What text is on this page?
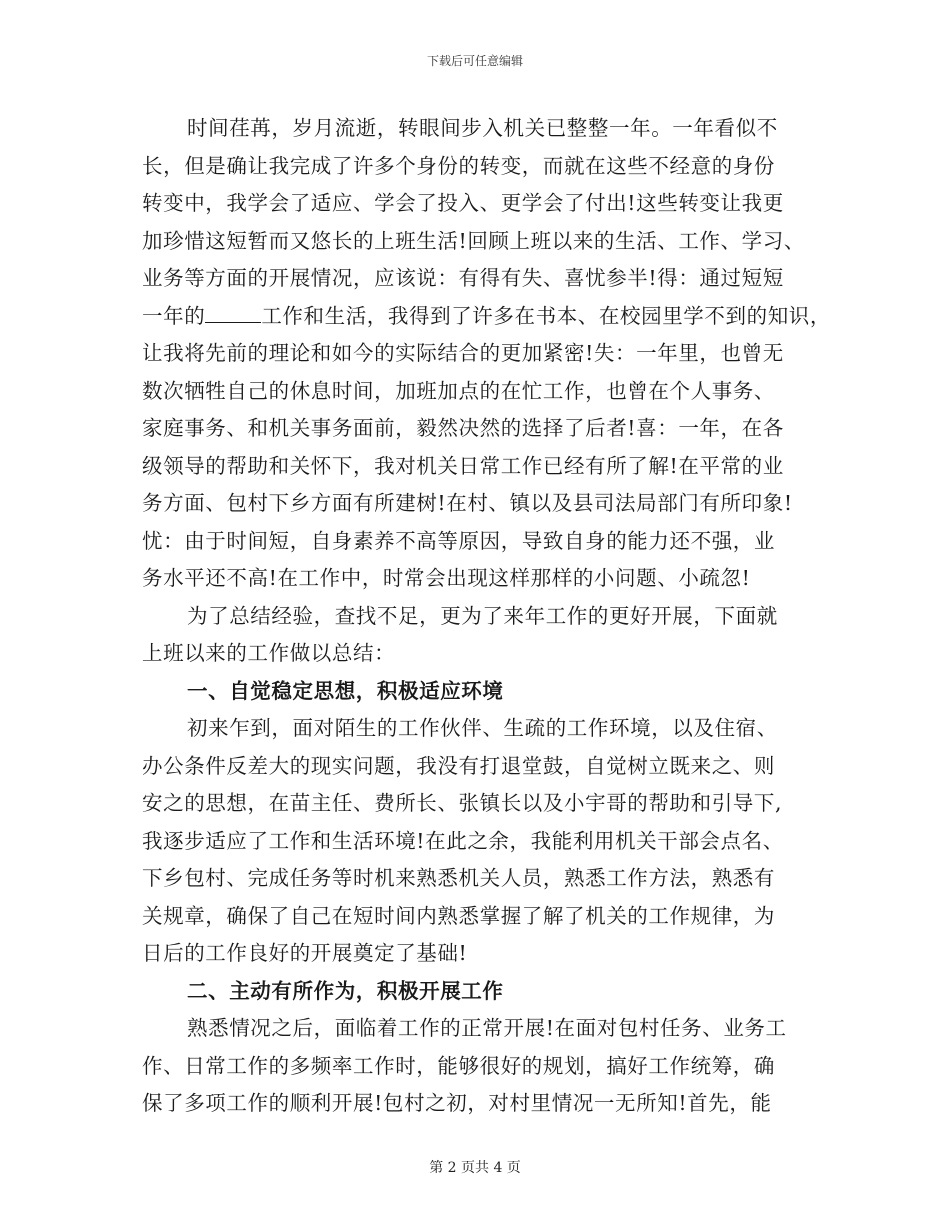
下载后可任意编辑
时间荏苒，岁月流逝，转眼间步入机关已整整一年。一年看似不
长，但是确让我完成了许多个身份的转变，而就在这些不经意的身份
转变中，我学会了适应、学会了投入、更学会了付出!这些转变让我更
加珍惜这短暂而又悠长的上班生活!回顾上班以来的生活、工作、学习、
业务等方面的开展情况，应该说：有得有失、喜忧参半!得：通过短短
一年的	工作和生活，我得到了许多在书本、在校园里学不到的知识，
让我将先前的理论和如今的实际结合的更加紧密!失：一年里，也曾无
数次牺牲自己的休息时间，加班加点的在忙工作，也曾在个人事务、
家庭事务、和机关事务面前，毅然决然的选择了后者!喜：一年，在各
级领导的帮助和关怀下，我对机关日常工作已经有所了解!在平常的业
务方面、包村下乡方面有所建树!在村、镇以及县司法局部门有所印象!
忧：由于时间短，自身素养不高等原因，导致自身的能力还不强，业
务水平还不高!在工作中，时常会出现这样那样的小问题、小疏忽!
为了总结经验，查找不足，更为了来年工作的更好开展，下面就
上班以来的工作做以总结：
一、自觉稳定思想，积极适应环境
初来乍到，面对陌生的工作伙伴、生疏的工作环境，以及住宿、
办公条件反差大的现实问题，我没有打退堂鼓，自觉树立既来之、则
安之的思想，在苗主任、费所长、张镇长以及小宇哥的帮助和引导下,
我逐步适应了工作和生活环境!在此之余，我能利用机关干部会点名、
下乡包村、完成任务等时机来熟悉机关人员，熟悉工作方法，熟悉有
关规章，确保了自己在短时间内熟悉掌握了解了机关的工作规律，为
日后的工作良好的开展奠定了基础!
二、主动有所作为，积极开展工作
熟悉情况之后，面临着工作的正常开展!在面对包村任务、业务工
作、日常工作的多频率工作时，能够很好的规划，搞好工作统筹，确
保了多项工作的顺利开展!包村之初，对村里情况一无所知!首先，能
第 2 页共 4 页
